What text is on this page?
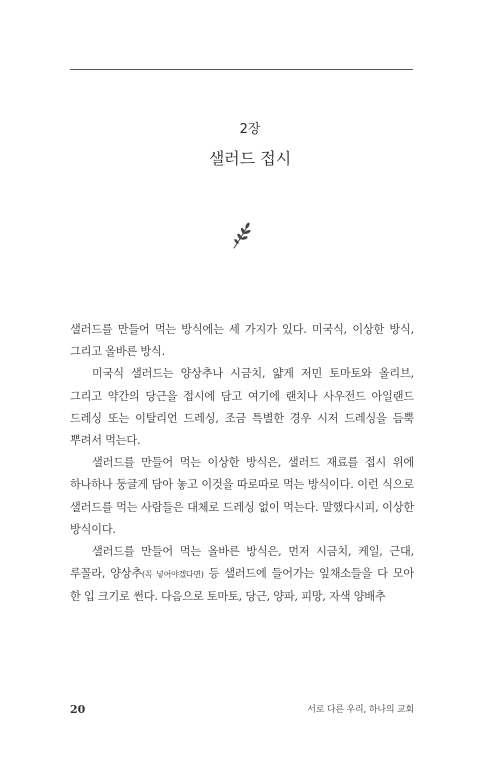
2장
샐러드 접시

샐러드를 만들어 먹는 방식에는 세 가지가 있다. 미국식, 이상한 방식, 그리고 올바른 방식.

미국식 샐러드는 양상추나 시금치, 얇게 저민 토마토와 올리브, 그리고 약간의 당근을 접시에 담고 여기에 랜치나 사우전드 아일랜드 드레싱 또는 이탈리언 드레싱, 조금 특별한 경우 시저 드레싱을 듬뿍 뿌려서 먹는다.

샐러드를 만들어 먹는 이상한 방식은, 샐러드 재료를 접시 위에 하나하나 둥글게 담아 놓고 이것을 따로따로 먹는 방식이다. 이런 식으로 샐러드를 먹는 사람들은 대체로 드레싱 없이 먹는다. 말했다시피, 이상한 방식이다.

샐러드를 만들어 먹는 올바른 방식은, 먼저 시금치, 케일, 근대, 루꼴라, 양상추(꼭 넣어야겠다면) 등 샐러드에 들어가는 잎채소들을 다 모아 한 입 크기로 썬다. 다음으로 토마토, 당근, 양파, 피망, 자색 양배추

20	서로 다른 우리, 하나의 교회
